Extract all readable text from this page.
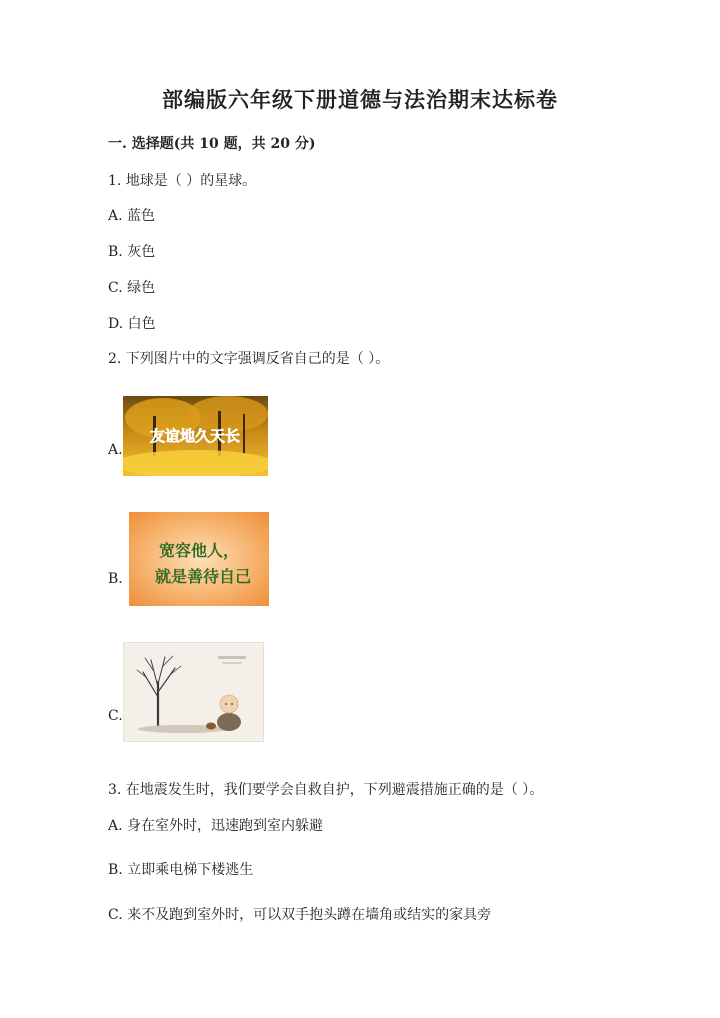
部编版六年级下册道德与法治期末达标卷
一. 选择题(共 10 题，共 20 分)
1. 地球是（ ）的星球。
A. 蓝色
B. 灰色
C. 绿色
D. 白色
2. 下列图片中的文字强调反省自己的是（ ）。
A.
友谊地久天长
B.
宽容他人，
就是善待自己
C.
3. 在地震发生时，我们要学会自救自护，下列避震措施正确的是（ ）。
A. 身在室外时，迅速跑到室内躲避
B. 立即乘电梯下楼逃生
C. 来不及跑到室外时，可以双手抱头蹲在墙角或结实的家具旁
